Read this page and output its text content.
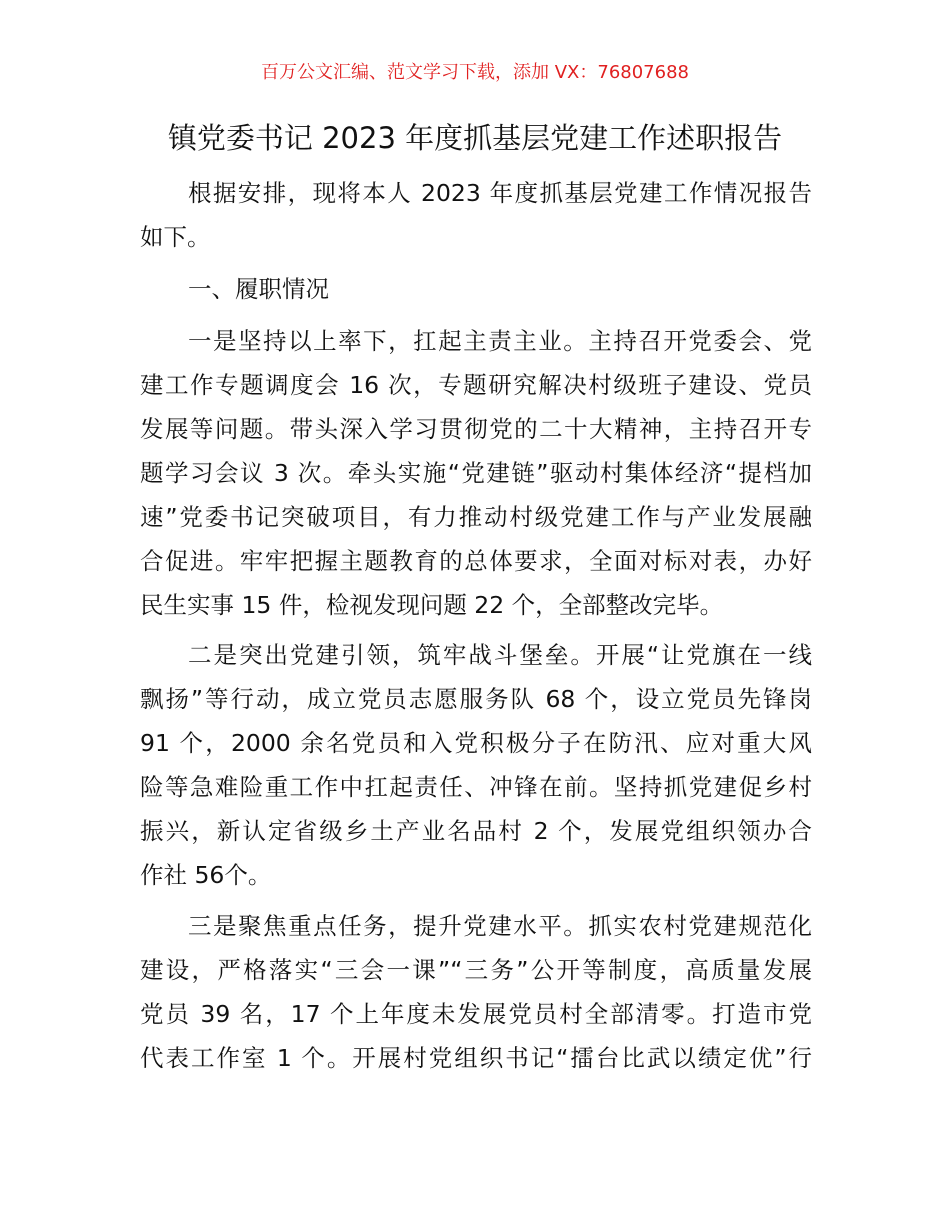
百万公文汇编、范文学习下载，添加 VX：76807688
镇党委书记 2023 年度抓基层党建工作述职报告
根据安排，现将本人 2023 年度抓基层党建工作情况报告
如下。
一、履职情况
一是坚持以上率下，扛起主责主业。主持召开党委会、党
建工作专题调度会 16 次，专题研究解决村级班子建设、党员
发展等问题。带头深入学习贯彻党的二十大精神，主持召开专
题学习会议 3 次。牵头实施“党建链”驱动村集体经济“提档加
速”党委书记突破项目，有力推动村级党建工作与产业发展融
合促进。牢牢把握主题教育的总体要求，全面对标对表，办好
民生实事 15 件，检视发现问题 22 个，全部整改完毕。
二是突出党建引领，筑牢战斗堡垒。开展“让党旗在一线
飘扬”等行动，成立党员志愿服务队 68 个，设立党员先锋岗
91 个，2000 余名党员和入党积极分子在防汛、应对重大风
险等急难险重工作中扛起责任、冲锋在前。坚持抓党建促乡村
振兴，新认定省级乡土产业名品村 2 个，发展党组织领办合
作社 56个。
三是聚焦重点任务，提升党建水平。抓实农村党建规范化
建设，严格落实“三会一课”“三务”公开等制度，高质量发展
党员 39 名，17 个上年度未发展党员村全部清零。打造市党
代表工作室 1 个。开展村党组织书记“擂台比武以绩定优”行
